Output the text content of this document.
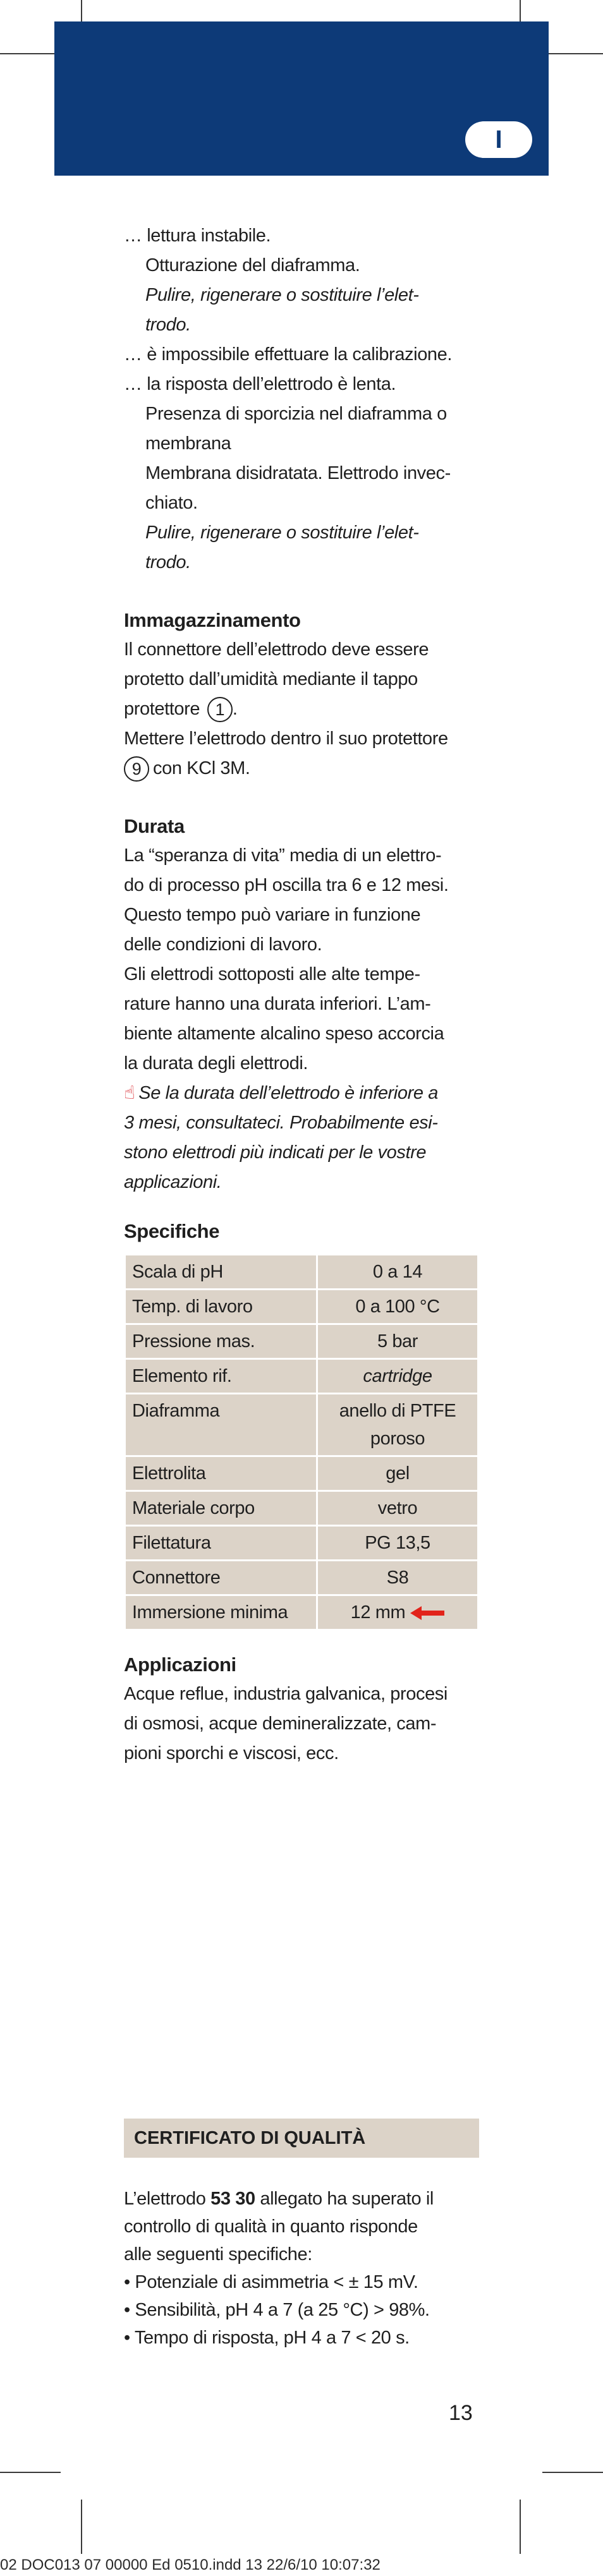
I
… lettura instabile.
Otturazione del diaframma.
Pulire, rigenerare o sostituire l’elet-
trodo.
… è impossibile effettuare la calibrazione.
… la risposta dell’elettrodo è lenta.
Presenza di sporcizia nel diaframma o
membrana
Membrana disidratata. Elettrodo invec-
chiato.
Pulire, rigenerare o sostituire l’elet-
trodo.
Immagazzinamento
Il connettore dell’elettrodo deve essere
protetto dall’umidità mediante il tappo
protettore 1 .
Mettere l’elettrodo dentro il suo protettore
9 con KCl 3M.
Durata
La “speranza di vita” media di un elettro-
do di processo pH oscilla tra 6 e 12 mesi.
Questo tempo può variare in funzione
delle condizioni di lavoro.
Gli elettrodi sottoposti alle alte tempe-
rature hanno una durata inferiori. L’am-
biente altamente alcalino speso accorcia
la durata degli elettrodi.
☝ Se la durata dell’elettrodo è inferiore a
3 mesi, consultateci. Probabilmente esi-
stono elettrodi più indicati per le vostre
applicazioni.
Specifiche
Scala di pH	0 a 14
Temp. di lavoro	0 a 100 °C
Pressione mas.	5 bar
Elemento rif.	cartridge
Diaframma	anello di PTFE
poroso

Elettrolita	gel
Materiale corpo	vetro
Filettatura	PG 13,5
Connettore	S8
Immersione minima	12 mm
Applicazioni
Acque reflue, industria galvanica, procesi
di osmosi, acque demineralizzate, cam-
pioni sporchi e viscosi, ecc.
CERTIFICATO DI QUALITÀ
L’elettrodo 53 30 allegato ha superato il
controllo di qualità in quanto risponde
alle seguenti specifiche:
• Potenziale di asimmetria < ± 15 mV.
• Sensibilità, pH 4 a 7 (a 25 °C) > 98%.
• Tempo di risposta, pH 4 a 7 < 20 s.
13
02 DOC013 07 00000 Ed 0510.indd 13 22/6/10 10:07:32
